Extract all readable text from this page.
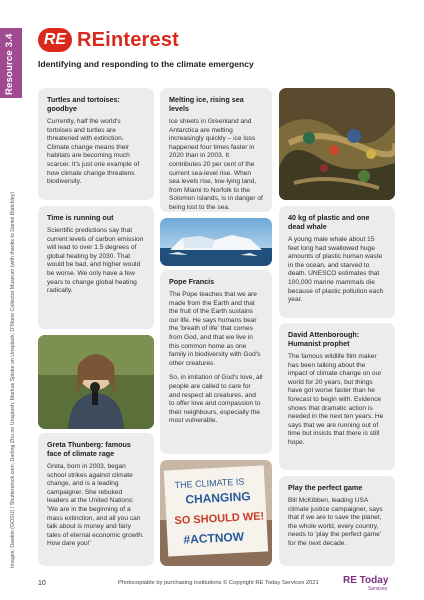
Resource 3.4
Images: Dawkin (GOSU) / Shutterstock.com; Darling Zhu on Unsplash; Markus Spiske on Unsplash; D'Stone Collector Museum (with thanks to Daniel Blatchley)
RE REinterest
Identifying and responding to the climate emergency
Turtles and tortoises: goodbye

Currently, half the world's tortoises and turtles are threatened with extinction. Climate change means their habitats are becoming much scarcer. It's just one example of how climate change threatens biodiversity.

Melting ice, rising sea levels

Ice sheets in Greenland and Antarctica are melting increasingly quickly – ice loss happened four times faster in 2020 than in 2003. It contributes 20 per cent of the current sea-level rise. When sea levels rise, low-lying land, from Miami to Norfolk to the Solomon Islands, is in danger of being lost to the sea.

Time is running out

Scientific predictions say that current levels of carbon emission will lead to over 1.5 degrees of global heating by 2030. That would be bad, and higher would be worse. We only have a few years to change global heating radically.

Pope Francis

The Pope teaches that we are made from the Earth and that the fruit of the Earth sustains our life. He says humans bear the 'breath of life' that comes from God, and that we live in this common home as one family in biodiversity with God's other creatures.

So, in imitation of God's love, all people are called to care for and respect all creatures, and to offer love and compassion to their neighbours, especially the most vulnerable.

40 kg of plastic and one dead whale

A young male whale about 15 feet long had swallowed huge amounts of plastic human waste in the ocean, and starved to death. UNESCO estimates that 100,000 marine mammals die because of plastic pollution each year.

Greta Thunberg: famous face of climate rage

Greta, born in 2003, began school strikes against climate change, and is a leading campaigner. She rebuked leaders at the United Nations: 'We are in the beginning of a mass extinction, and all you can talk about is money and fairy tales of eternal economic growth. How dare you!'

THE CLIMATE IS
CHANGING
SO SHOULD WE!
#ACTNOW
David Attenborough: Humanist prophet

The famous wildlife film maker has been talking about the impact of climate change on our world for 20 years, but things have got worse faster than he forecast to begin with. Evidence shows that dramatic action is needed in the next ten years. He says that we are running out of time but insists that there is still hope.

Play the perfect game

Bill McKibben, leading USA climate justice campaigner, says that if we are to save the planet, the whole world, every country, needs to 'play the perfect game' for the next decade.

10	Photocopiable by purchasing institutions © Copyright RE Today Services 2021 RE Today
Services
